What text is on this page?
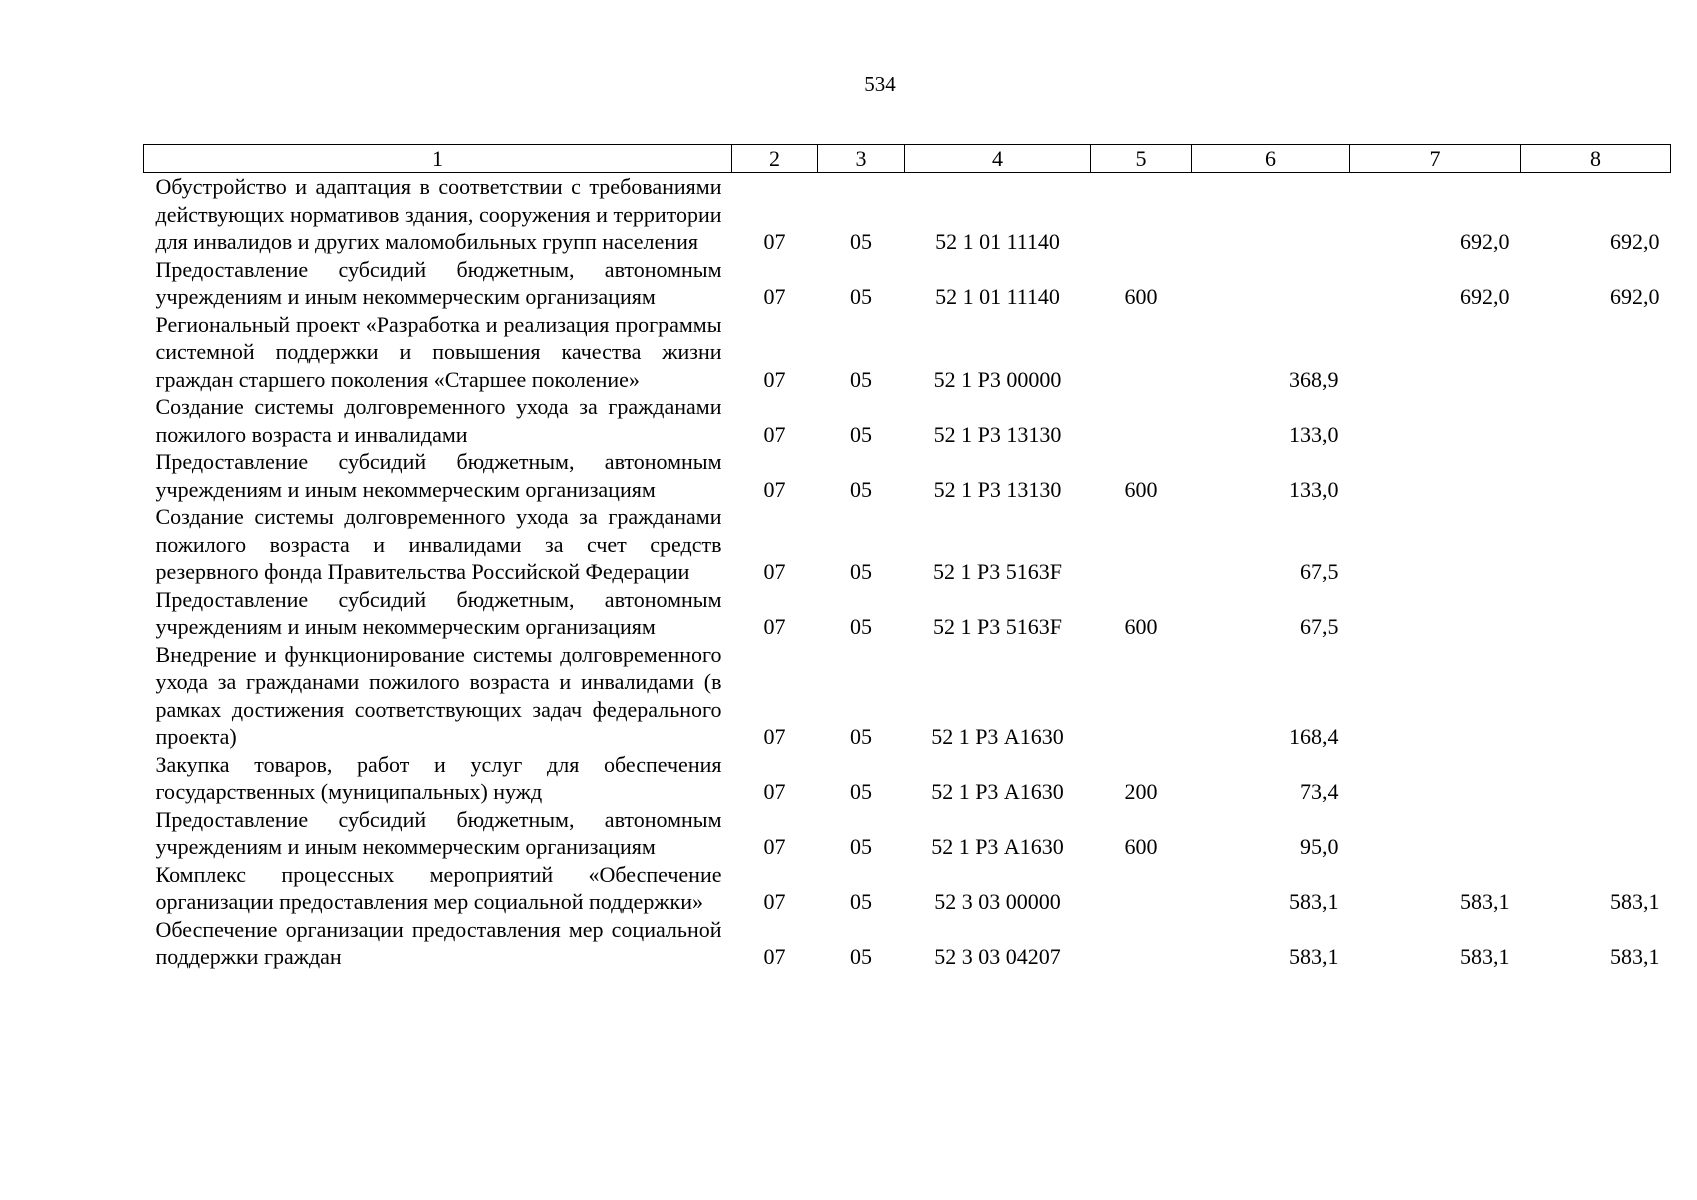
534
1	2	3	4	5	6	7	8
Обустройство и адаптация в соответствии с требованиями действующих нормативов здания, сооружения и территории для инвалидов и других маломобильных групп населения	07	05	52 1 01 11140			692,0	692,0
Предоставление субсидий бюджетным, автономным учреждениям и иным некоммерческим организациям	07	05	52 1 01 11140	600		692,0	692,0
Региональный проект «Разработка и реализация программы системной поддержки и повышения качества жизни граждан старшего поколения «Старшее поколение»	07	05	52 1 Р3 00000		368,9		
Создание системы долговременного ухода за гражданами пожилого возраста и инвалидами	07	05	52 1 Р3 13130		133,0		
Предоставление субсидий бюджетным, автономным учреждениям и иным некоммерческим организациям	07	05	52 1 Р3 13130	600	133,0		
Создание системы долговременного ухода за гражданами пожилого возраста и инвалидами за счет средств резервного фонда Правительства Российской Федерации	07	05	52 1 Р3 5163F		67,5		
Предоставление субсидий бюджетным, автономным учреждениям и иным некоммерческим организациям	07	05	52 1 Р3 5163F	600	67,5		
Внедрение и функционирование системы долговременного ухода за гражданами пожилого возраста и инвалидами (в рамках достижения соответствующих задач федерального проекта)	07	05	52 1 Р3 А1630		168,4		
Закупка товаров, работ и услуг для обеспечения государственных (муниципальных) нужд	07	05	52 1 Р3 А1630	200	73,4		
Предоставление субсидий бюджетным, автономным учреждениям и иным некоммерческим организациям	07	05	52 1 Р3 А1630	600	95,0		
Комплекс процессных мероприятий «Обеспечение организации предоставления мер социальной поддержки»	07	05	52 3 03 00000		583,1	583,1	583,1
Обеспечение организации предоставления мер социальной поддержки граждан	07	05	52 3 03 04207		583,1	583,1	583,1
